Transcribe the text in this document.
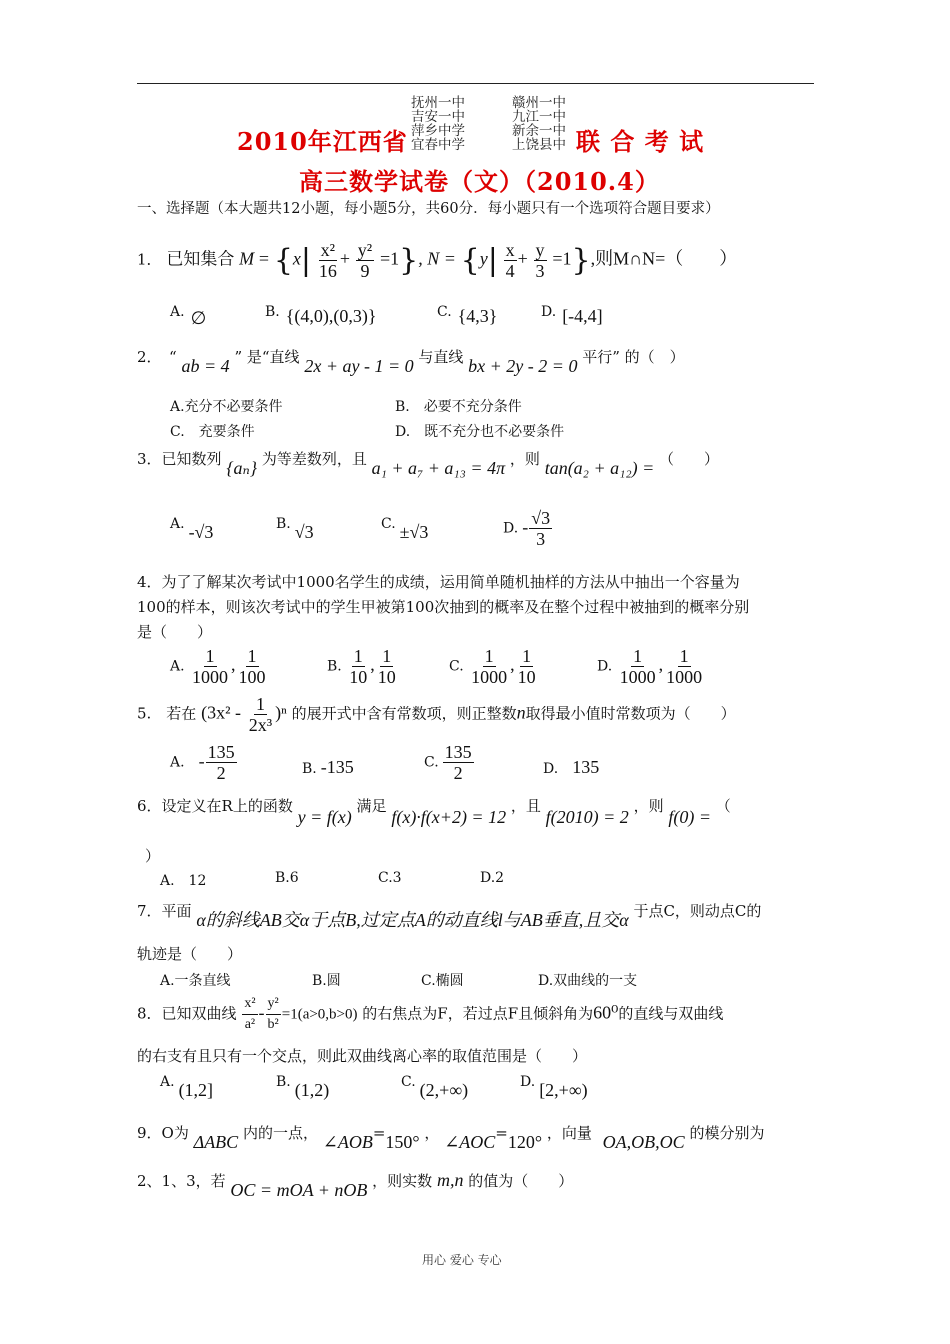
抚州一中
吉安一中
萍乡中学
宜春中学
赣州一中
九江一中
新余一中
上饶县中
2010年江西省	联 合 考 试
高三数学试卷（文）（2010.4）
一、选择题（本大题共12小题，每小题5分，共60分．每小题只有一个选项符合题目要求）
1． 已知集合 $M = \{x| \frac{\text{x²}}{16} + \frac{\text{y²}}{9} =1\}$, $N = \{y| \frac{x}{4} + \frac{y}{3} =1\}$,则M∩N=（　　）
A. ∅	B. {(4,0),(0,3)}	C. {4,3}	D. [-4,4]
2．　“ ab = 4 ” 是“直线 2x + ay - 1 = 0 与直线 bx + 2y - 2 = 0 平行” 的（　）
A.充分不必要条件	B.　必要不充分条件
C.　充要条件	D.　既不充分也不必要条件
3．已知数列 {aₙ} 为等差数列，且 a₁ + a₇ + a₁₃ = 4π ，则 tan(a₂ + a₁₂) = （　　）
A. -√3	B. √3	C. ±√3	D. - $\frac{√3}{3}$
4．为了了解某次考试中1000名学生的成绩，运用简单随机抽样的方法从中抽出一个容量为
100的样本，则该次考试中的学生甲被第100次抽到的概率及在整个过程中被抽到的概率分别
是（　　）
A. $\frac{1}{1000}$ , $\frac{1}{100}$	B. $\frac{1}{10}$ , $\frac{1}{10}$	C. $\frac{1}{1000}$ , $\frac{1}{10}$	D. $\frac{1}{1000}$ , $\frac{1}{1000}$
5.　若在 $(3x^2 - \frac{1}{\text{2x³}} )^n$ 的展开式中含有常数项，则正整数n取得最小值时常数项为（　　）
A. - $\frac{135}{2}$	B. -135	C. $\frac{135}{2}$	D. 135
6．设定义在R上的函数 y = f(x) 满足 f(x)·f(x+2) = 12 ，且 f(2010) = 2 ，则 f(0) = （
）
A.　12	B.6	C.3	D.2
7．平面 α的斜线AB交α于点B,过定点A的动直线l与AB垂直,且交α 于点C，则动点C的
轨迹是（　　）
A.一条直线	B.圆	C.椭圆	D.双曲线的一支
8．已知双曲线 $\frac{\text{x²}}{\text{a²}} - \frac{\text{y²}}{\text{b²}} =1(a>0,b>0)$ 的右焦点为F，若过点F且倾斜角为60⁰的直线与双曲线
的右支有且只有一个交点，则此双曲线离心率的取值范围是（　　）
A. (1,2]	B. (1,2)	C. (2,+∞)	D. [2,+∞)
9．O为 ΔABC 内的一点， ∠AOB=150° ， ∠AOC=120° ，向量 OA,OB,OC 的模分别为
2、1、3，若 OC = mOA + nOB ，则实数 m,n 的值为（　　）
用心 爱心 专心
